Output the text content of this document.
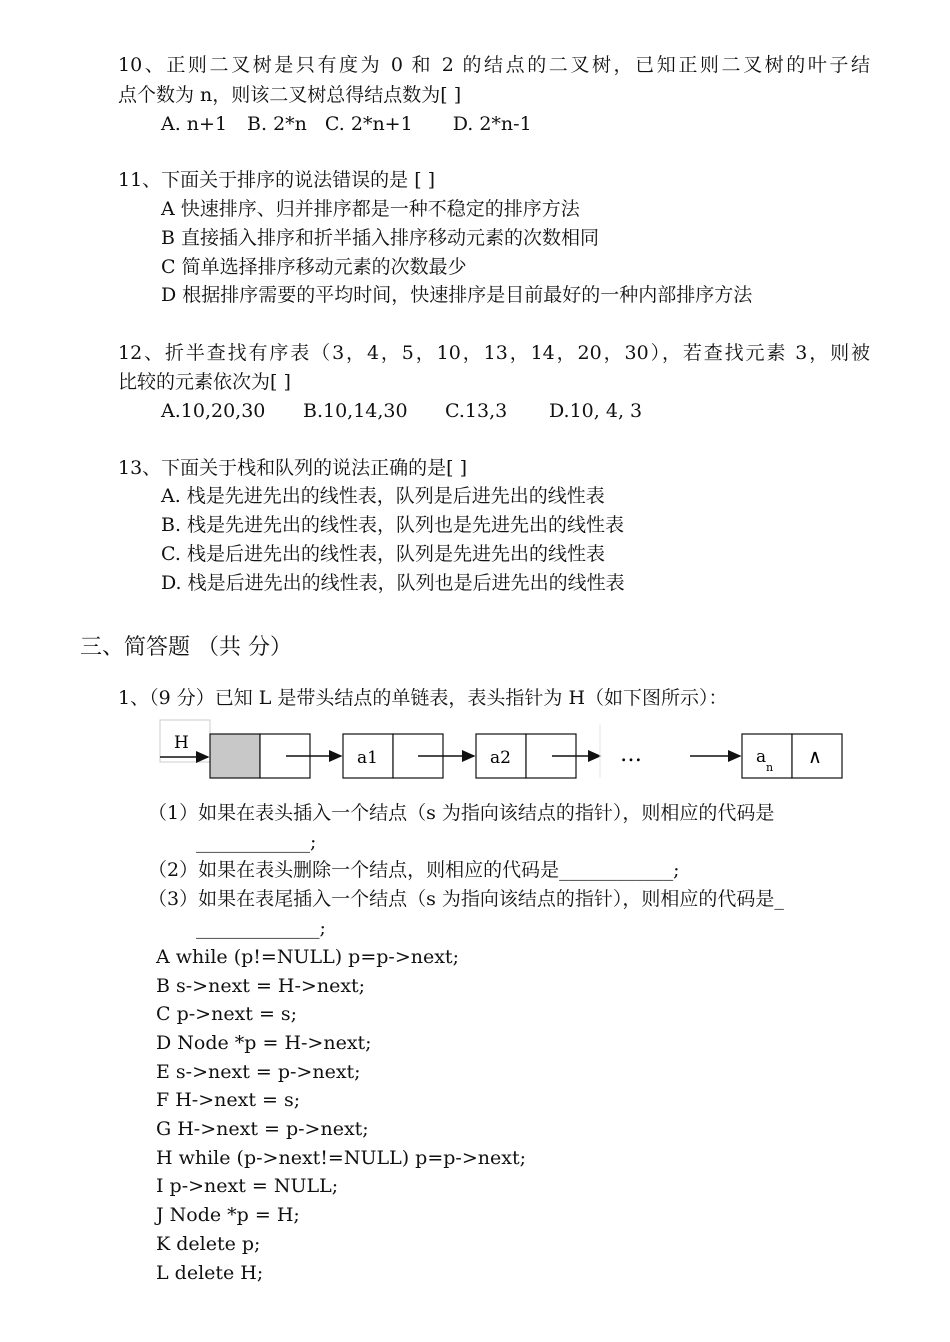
10、正则二叉树是只有度为 0 和 2 的结点的二叉树，已知正则二叉树的叶子结
点个数为 n，则该二叉树总得结点数为[ ]
A. n+1 B. 2*n C. 2*n+1 D. 2*n-1
11、下面关于排序的说法错误的是 [ ]
A 快速排序、归并排序都是一种不稳定的排序方法
B 直接插入排序和折半插入排序移动元素的次数相同
C 简单选择排序移动元素的次数最少
D 根据排序需要的平均时间，快速排序是目前最好的一种内部排序方法
12、折半查找有序表（3，4，5，10，13，14，20，30），若查找元素 3，则被
比较的元素依次为[ ]
A.10,20,30 B.10,14,30 C.13,3 D.10, 4, 3
13、下面关于栈和队列的说法正确的是[ ]
A. 栈是先进先出的线性表，队列是后进先出的线性表
B. 栈是先进先出的线性表，队列也是先进先出的线性表
C. 栈是后进先出的线性表，队列是先进先出的线性表
D. 栈是后进先出的线性表，队列也是后进先出的线性表
三、简答题 （共 分）
1、（9 分）已知 L 是带头结点的单链表，表头指针为 H（如下图所示）：
H
a1	a2	…	a
n ∧
（1）如果在表头插入一个结点（s 为指向该结点的指针），则相应的代码是
____________;
（2）如果在表头删除一个结点，则相应的代码是____________;
（3）如果在表尾插入一个结点（s 为指向该结点的指针），则相应的代码是_
_____________;
A while (p!=NULL) p=p->next;
B s->next = H->next;
C p->next = s;
D Node *p = H->next;
E s->next = p->next;
F H->next = s;
G H->next = p->next;
H while (p->next!=NULL) p=p->next;
I p->next = NULL;
J Node *p = H;
K delete p;
L delete H;
